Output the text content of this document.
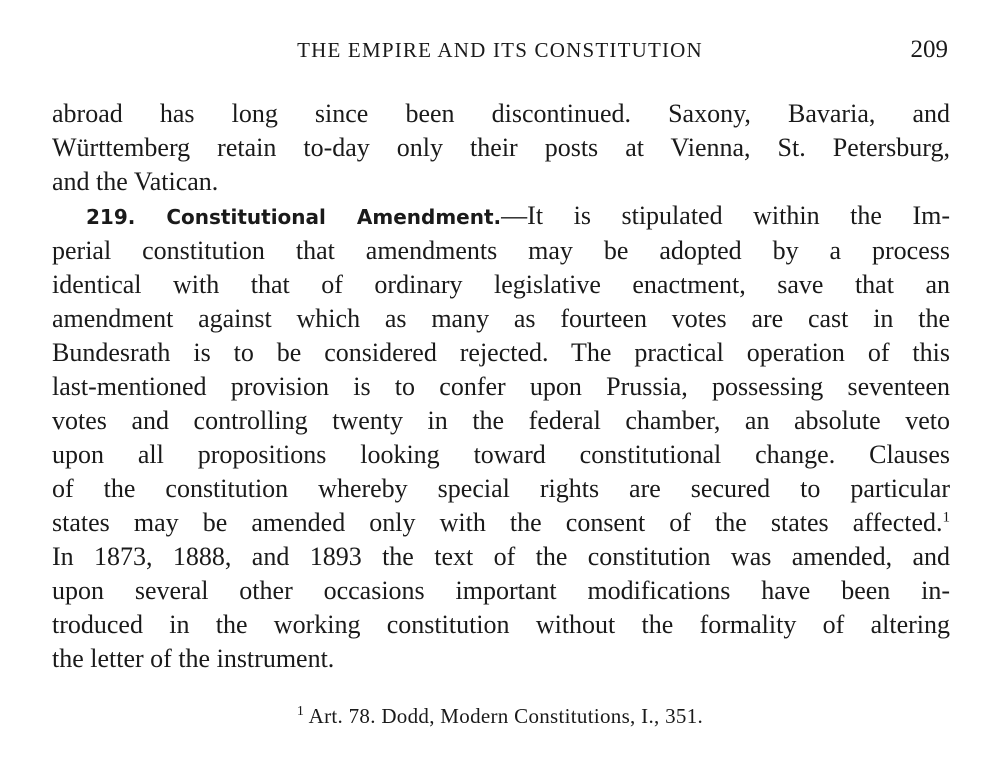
THE EMPIRE AND ITS CONSTITUTION	209

abroad has long since been discontinued. Saxony, Bavaria, and
Württemberg retain to-day only their posts at Vienna, St. Petersburg,
and the Vatican.

219. Constitutional Amendment.—It is stipulated within the Im-
perial constitution that amendments may be adopted by a process
identical with that of ordinary legislative enactment, save that an
amendment against which as many as fourteen votes are cast in the
Bundesrath is to be considered rejected. The practical operation of this
last-mentioned provision is to confer upon Prussia, possessing seventeen
votes and controlling twenty in the federal chamber, an absolute veto
upon all propositions looking toward constitutional change. Clauses
of the constitution whereby special rights are secured to particular
states may be amended only with the consent of the states affected.$^1$
In 1873, 1888, and 1893 the text of the constitution was amended, and
upon several other occasions important modifications have been in-
troduced in the working constitution without the formality of altering
the letter of the instrument.

$^1$ Art. 78. Dodd, Modern Constitutions, I., 351.
